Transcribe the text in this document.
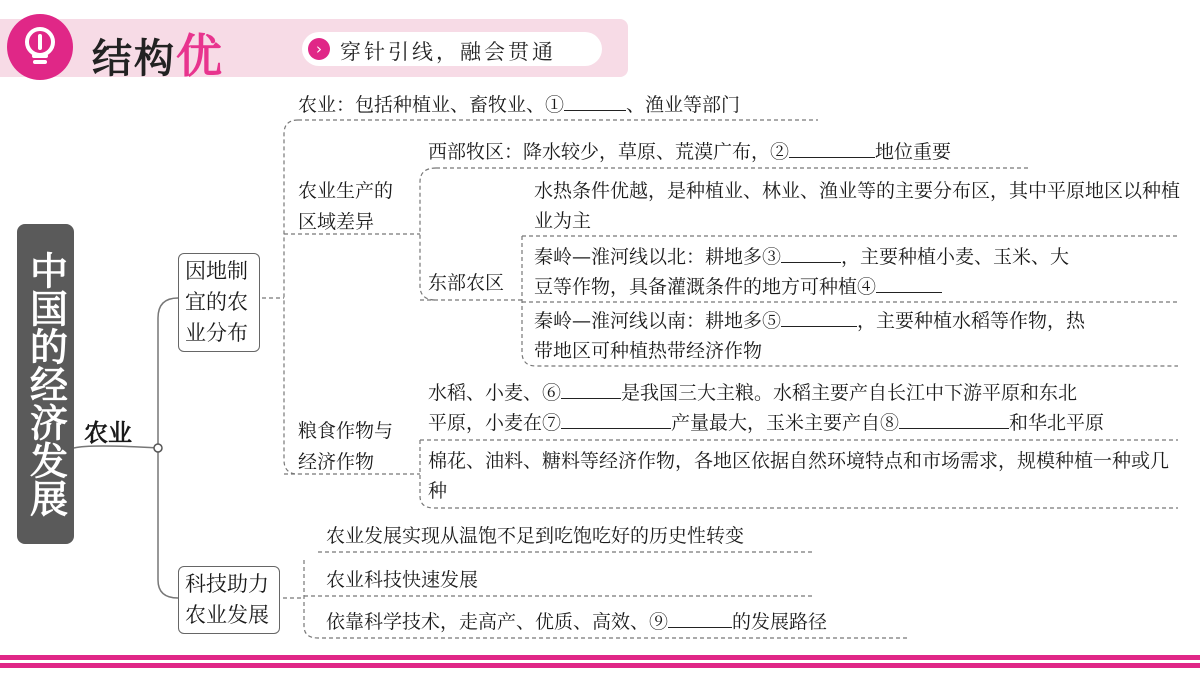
结构优	› 穿针引线，融会贯通
中国的经济发展 农业
因地制宜的农业分布
科技助力农业发展
农业：包括种植业、畜牧业、①	、渔业等部门
农业生产的区域差异
西部牧区：降水较少，草原、荒漠广布，②	地位重要
东部农区
水热条件优越，是种植业、林业、渔业等的主要分布区，其中平原地区以种植业为主
秦岭—淮河线以北：耕地多③	，主要种植小麦、玉米、大
豆等作物，具备灌溉条件的地方可种植④
秦岭—淮河线以南：耕地多⑤	，主要种植水稻等作物，热
带地区可种植热带经济作物
粮食作物与经济作物
水稻、小麦、⑥	是我国三大主粮。水稻主要产自长江中下游平原和东北
平原，小麦在⑦	产量最大，玉米主要产自⑧	和华北平原
棉花、油料、糖料等经济作物，各地区依据自然环境特点和市场需求，规模种植一种或几种
农业发展实现从温饱不足到吃饱吃好的历史性转变
农业科技快速发展
依靠科学技术，走高产、优质、高效、⑨	的发展路径
